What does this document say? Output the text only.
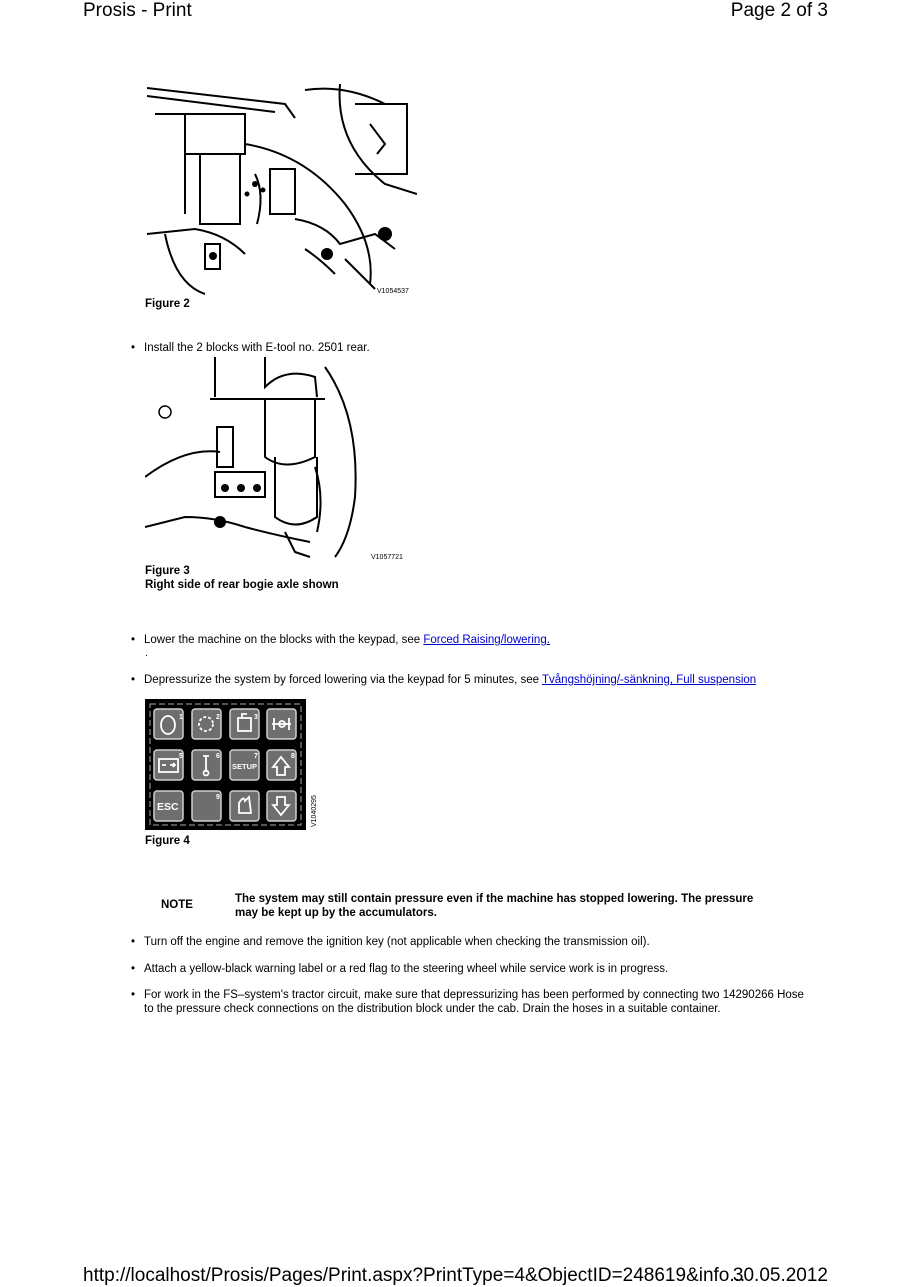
Prosis - Print	Page 2 of 3
V1054537
Figure 2
• Install the 2 blocks with E-tool no. 2501 rear.
V1057721
Figure 3
Right side of rear bogie axle shown
• Lower the machine on the blocks with the keypad, see Forced Raising/lowering.
.
• Depressurize the system by forced lowering via the keypad for 5 minutes, see Tvångshöjning/-sänkning, Full suspension
1	2	3
5	6	7	8
9
SETUP
ESC	V1040295
Figure 4
NOTE	The system may still contain pressure even if the machine has stopped lowering. The pressure may be kept up by the accumulators.
• Turn off the engine and remove the ignition key (not applicable when checking the transmission oil).
• Attach a yellow-black warning label or a red flag to the steering wheel while service work is in progress.
• For work in the FS–system's tractor circuit, make sure that depressurizing has been performed by connecting two 14290266 Hose to the pressure check connections on the distribution block under the cab. Drain the hoses in a suitable container.
http://localhost/Prosis/Pages/Print.aspx?PrintType=4&ObjectID=248619&info...
30.05.2012
